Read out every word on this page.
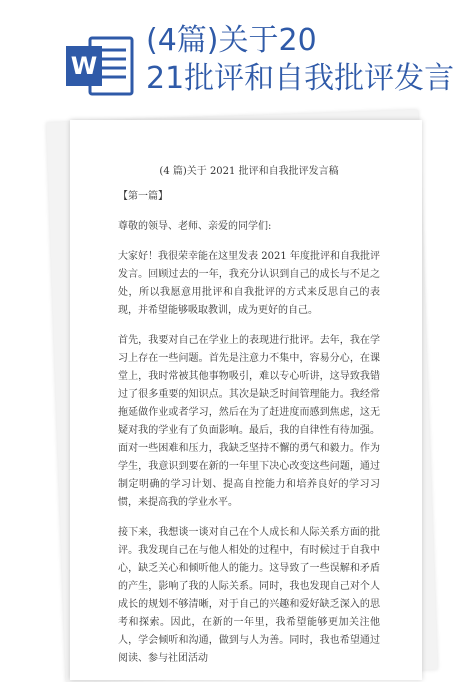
W
(4篇)关于20
21批评和自我批评发言
(4 篇)关于 2021 批评和自我批评发言稿
【第一篇】

尊敬的领导、老师、亲爱的同学们:

大家好！我很荣幸能在这里发表 2021 年度批评和自我批评发言。回顾过去的一年，我充分认识到自己的成长与不足之处，所以我愿意用批评和自我批评的方式来反思自己的表现，并希望能够吸取教训，成为更好的自己。

首先，我要对自己在学业上的表现进行批评。去年，我在学习上存在一些问题。首先是注意力不集中，容易分心，在课堂上，我时常被其他事物吸引，难以专心听讲，这导致我错过了很多重要的知识点。其次是缺乏时间管理能力。我经常拖延做作业或者学习，然后在为了赶进度而感到焦虑，这无疑对我的学业有了负面影响。最后，我的自律性有待加强。面对一些困难和压力，我缺乏坚持不懈的勇气和毅力。作为学生，我意识到要在新的一年里下决心改变这些问题，通过制定明确的学习计划、提高自控能力和培养良好的学习习惯，来提高我的学业水平。

接下来，我想谈一谈对自己在个人成长和人际关系方面的批评。我发现自己在与他人相处的过程中，有时候过于自我中心，缺乏关心和倾听他人的能力。这导致了一些误解和矛盾的产生，影响了我的人际关系。同时，我也发现自己对个人成长的规划不够清晰，对于自己的兴趣和爱好缺乏深入的思考和探索。因此，在新的一年里，我希望能够更加关注他人，学会倾听和沟通，做到与人为善。同时，我也希望通过阅读、参与社团活动
